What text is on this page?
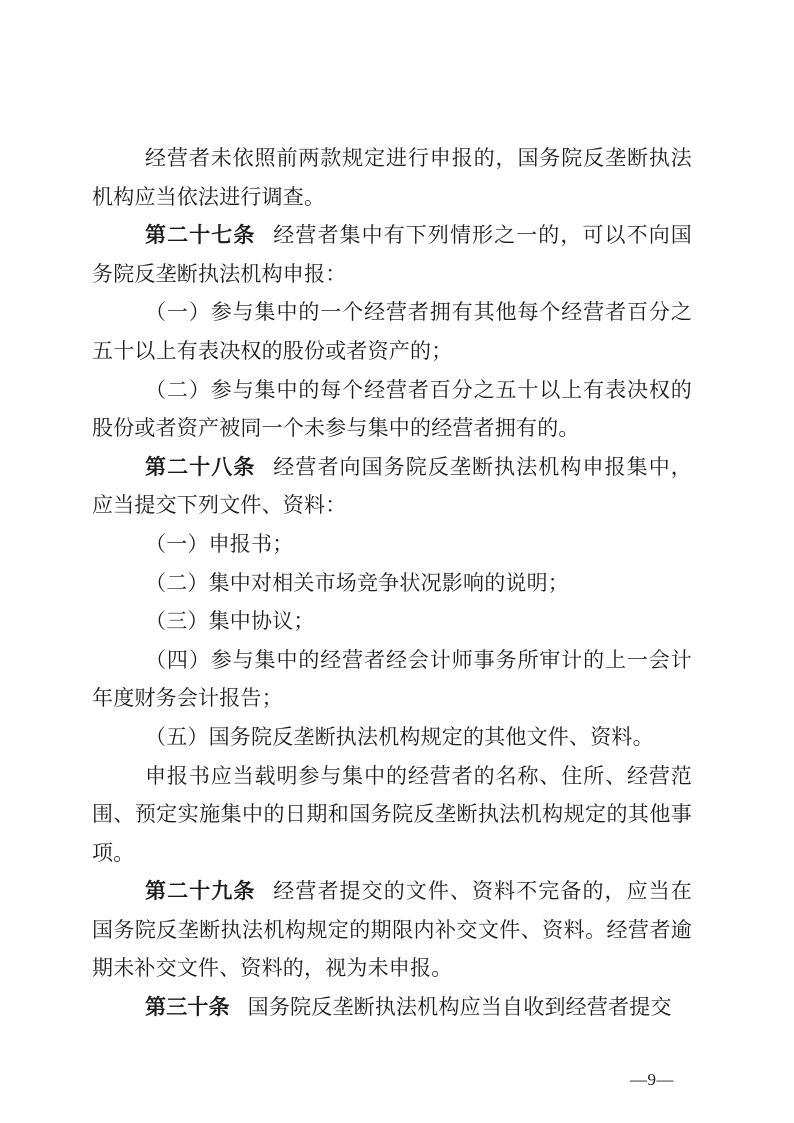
经营者未依照前两款规定进行申报的，国务院反垄断执法机构应当依法进行调查。

第二十七条 经营者集中有下列情形之一的，可以不向国务院反垄断执法机构申报：

（一）参与集中的一个经营者拥有其他每个经营者百分之五十以上有表决权的股份或者资产的；

（二）参与集中的每个经营者百分之五十以上有表决权的股份或者资产被同一个未参与集中的经营者拥有的。

第二十八条 经营者向国务院反垄断执法机构申报集中，应当提交下列文件、资料：

（一）申报书；

（二）集中对相关市场竞争状况影响的说明；

（三）集中协议；

（四）参与集中的经营者经会计师事务所审计的上一会计年度财务会计报告；

（五）国务院反垄断执法机构规定的其他文件、资料。

申报书应当载明参与集中的经营者的名称、住所、经营范围、预定实施集中的日期和国务院反垄断执法机构规定的其他事项。

第二十九条 经营者提交的文件、资料不完备的，应当在国务院反垄断执法机构规定的期限内补交文件、资料。经营者逾期未补交文件、资料的，视为未申报。

第三十条 国务院反垄断执法机构应当自收到经营者提交

—9—
